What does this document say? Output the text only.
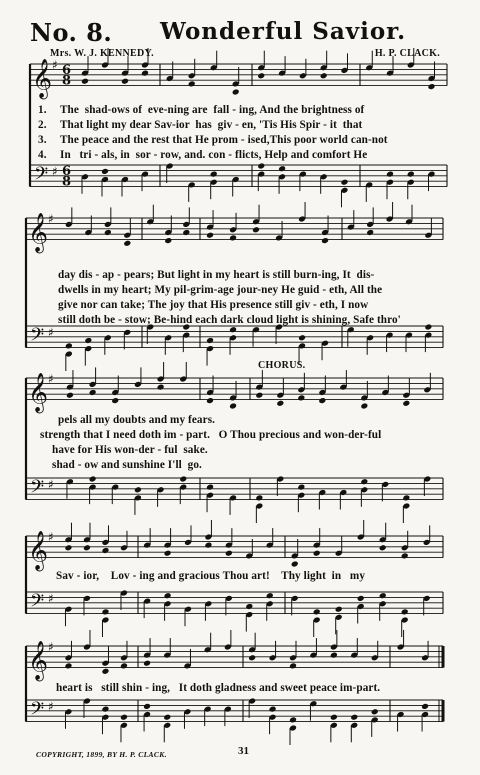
𝄞
𝄢
♯
♯
6
8
6
8
𝄞
𝄢
♯
♯
𝄞
𝄢
♯
♯
𝄞
𝄢
♯
♯
𝄞
𝄢
♯
♯
No. 8. Wonderful Savior.
Mrs. W. J. KENNEDY.	H. P. CLACK.
1. The  shad-ows of  eve-ning are  fall - ing, And the brightness of
2. That light my dear Sav-ior  has  giv - en, 'Tis His Spir - it  that
3. The peace and the rest that He prom - ised,This poor world can-not
4. In   tri - als, in  sor - row, and. con - flicts, Help and comfort He
day dis - ap - pears; But light in my heart is still burn-ing, It  dis-
dwells in my heart; My pil-grim-age jour-ney He guid - eth, All the
give nor can take; The joy that His presence still giv - eth, I now
still doth be - stow; Be-hind each dark cloud light is shining, Safe thro'
CHORUS.
pels all my doubts and my fears.
strength that I need doth im - part.   O Thou precious and won-der-ful
have for His won-der - ful  sake.
shad - ow and sunshine I'll  go.
Sav - ior,    Lov - ing and gracious Thou art!    Thy light  in   my
heart is   still shin - ing,   It doth gladness and sweet peace im-part.
COPYRIGHT, 1899, BY H. P. CLACK.	31
